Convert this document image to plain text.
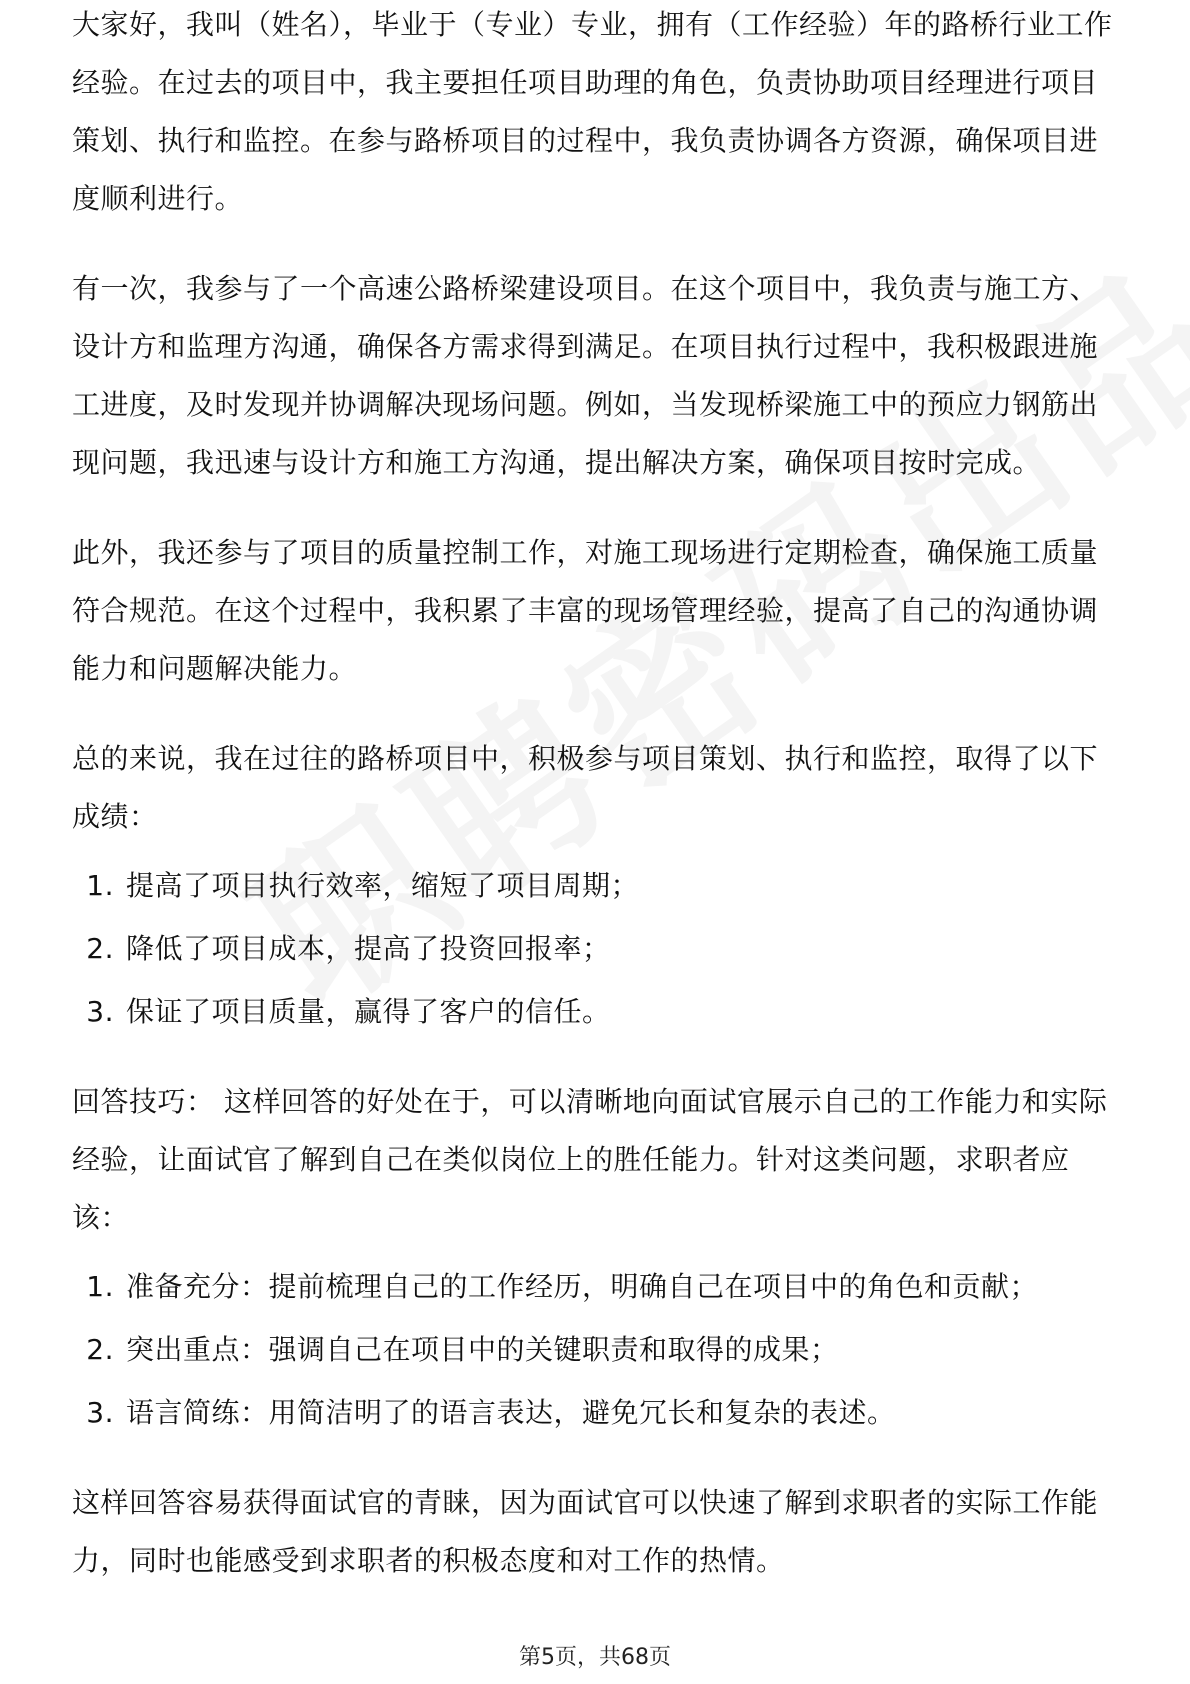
大家好，我叫（姓名），毕业于（专业）专业，拥有（工作经验）年的路桥行业工作经验。在过去的项目中，我主要担任项目助理的角色，负责协助项目经理进行项目策划、执行和监控。在参与路桥项目的过程中，我负责协调各方资源，确保项目进度顺利进行。

有一次，我参与了一个高速公路桥梁建设项目。在这个项目中，我负责与施工方、设计方和监理方沟通，确保各方需求得到满足。在项目执行过程中，我积极跟进施工进度，及时发现并协调解决现场问题。例如，当发现桥梁施工中的预应力钢筋出现问题，我迅速与设计方和施工方沟通，提出解决方案，确保项目按时完成。

此外，我还参与了项目的质量控制工作，对施工现场进行定期检查，确保施工质量符合规范。在这个过程中，我积累了丰富的现场管理经验，提高了自己的沟通协调能力和问题解决能力。

总的来说，我在过往的路桥项目中，积极参与项目策划、执行和监控，取得了以下成绩：

1. 提高了项目执行效率，缩短了项目周期；
2. 降低了项目成本，提高了投资回报率；
3. 保证了项目质量，赢得了客户的信任。

回答技巧： 这样回答的好处在于，可以清晰地向面试官展示自己的工作能力和实际经验，让面试官了解到自己在类似岗位上的胜任能力。针对这类问题，求职者应该：

1. 准备充分：提前梳理自己的工作经历，明确自己在项目中的角色和贡献；
2. 突出重点：强调自己在项目中的关键职责和取得的成果；
3. 语言简练：用简洁明了的语言表达，避免冗长和复杂的表述。

这样回答容易获得面试官的青睐，因为面试官可以快速了解到求职者的实际工作能力，同时也能感受到求职者的积极态度和对工作的热情。

第5页，共68页
